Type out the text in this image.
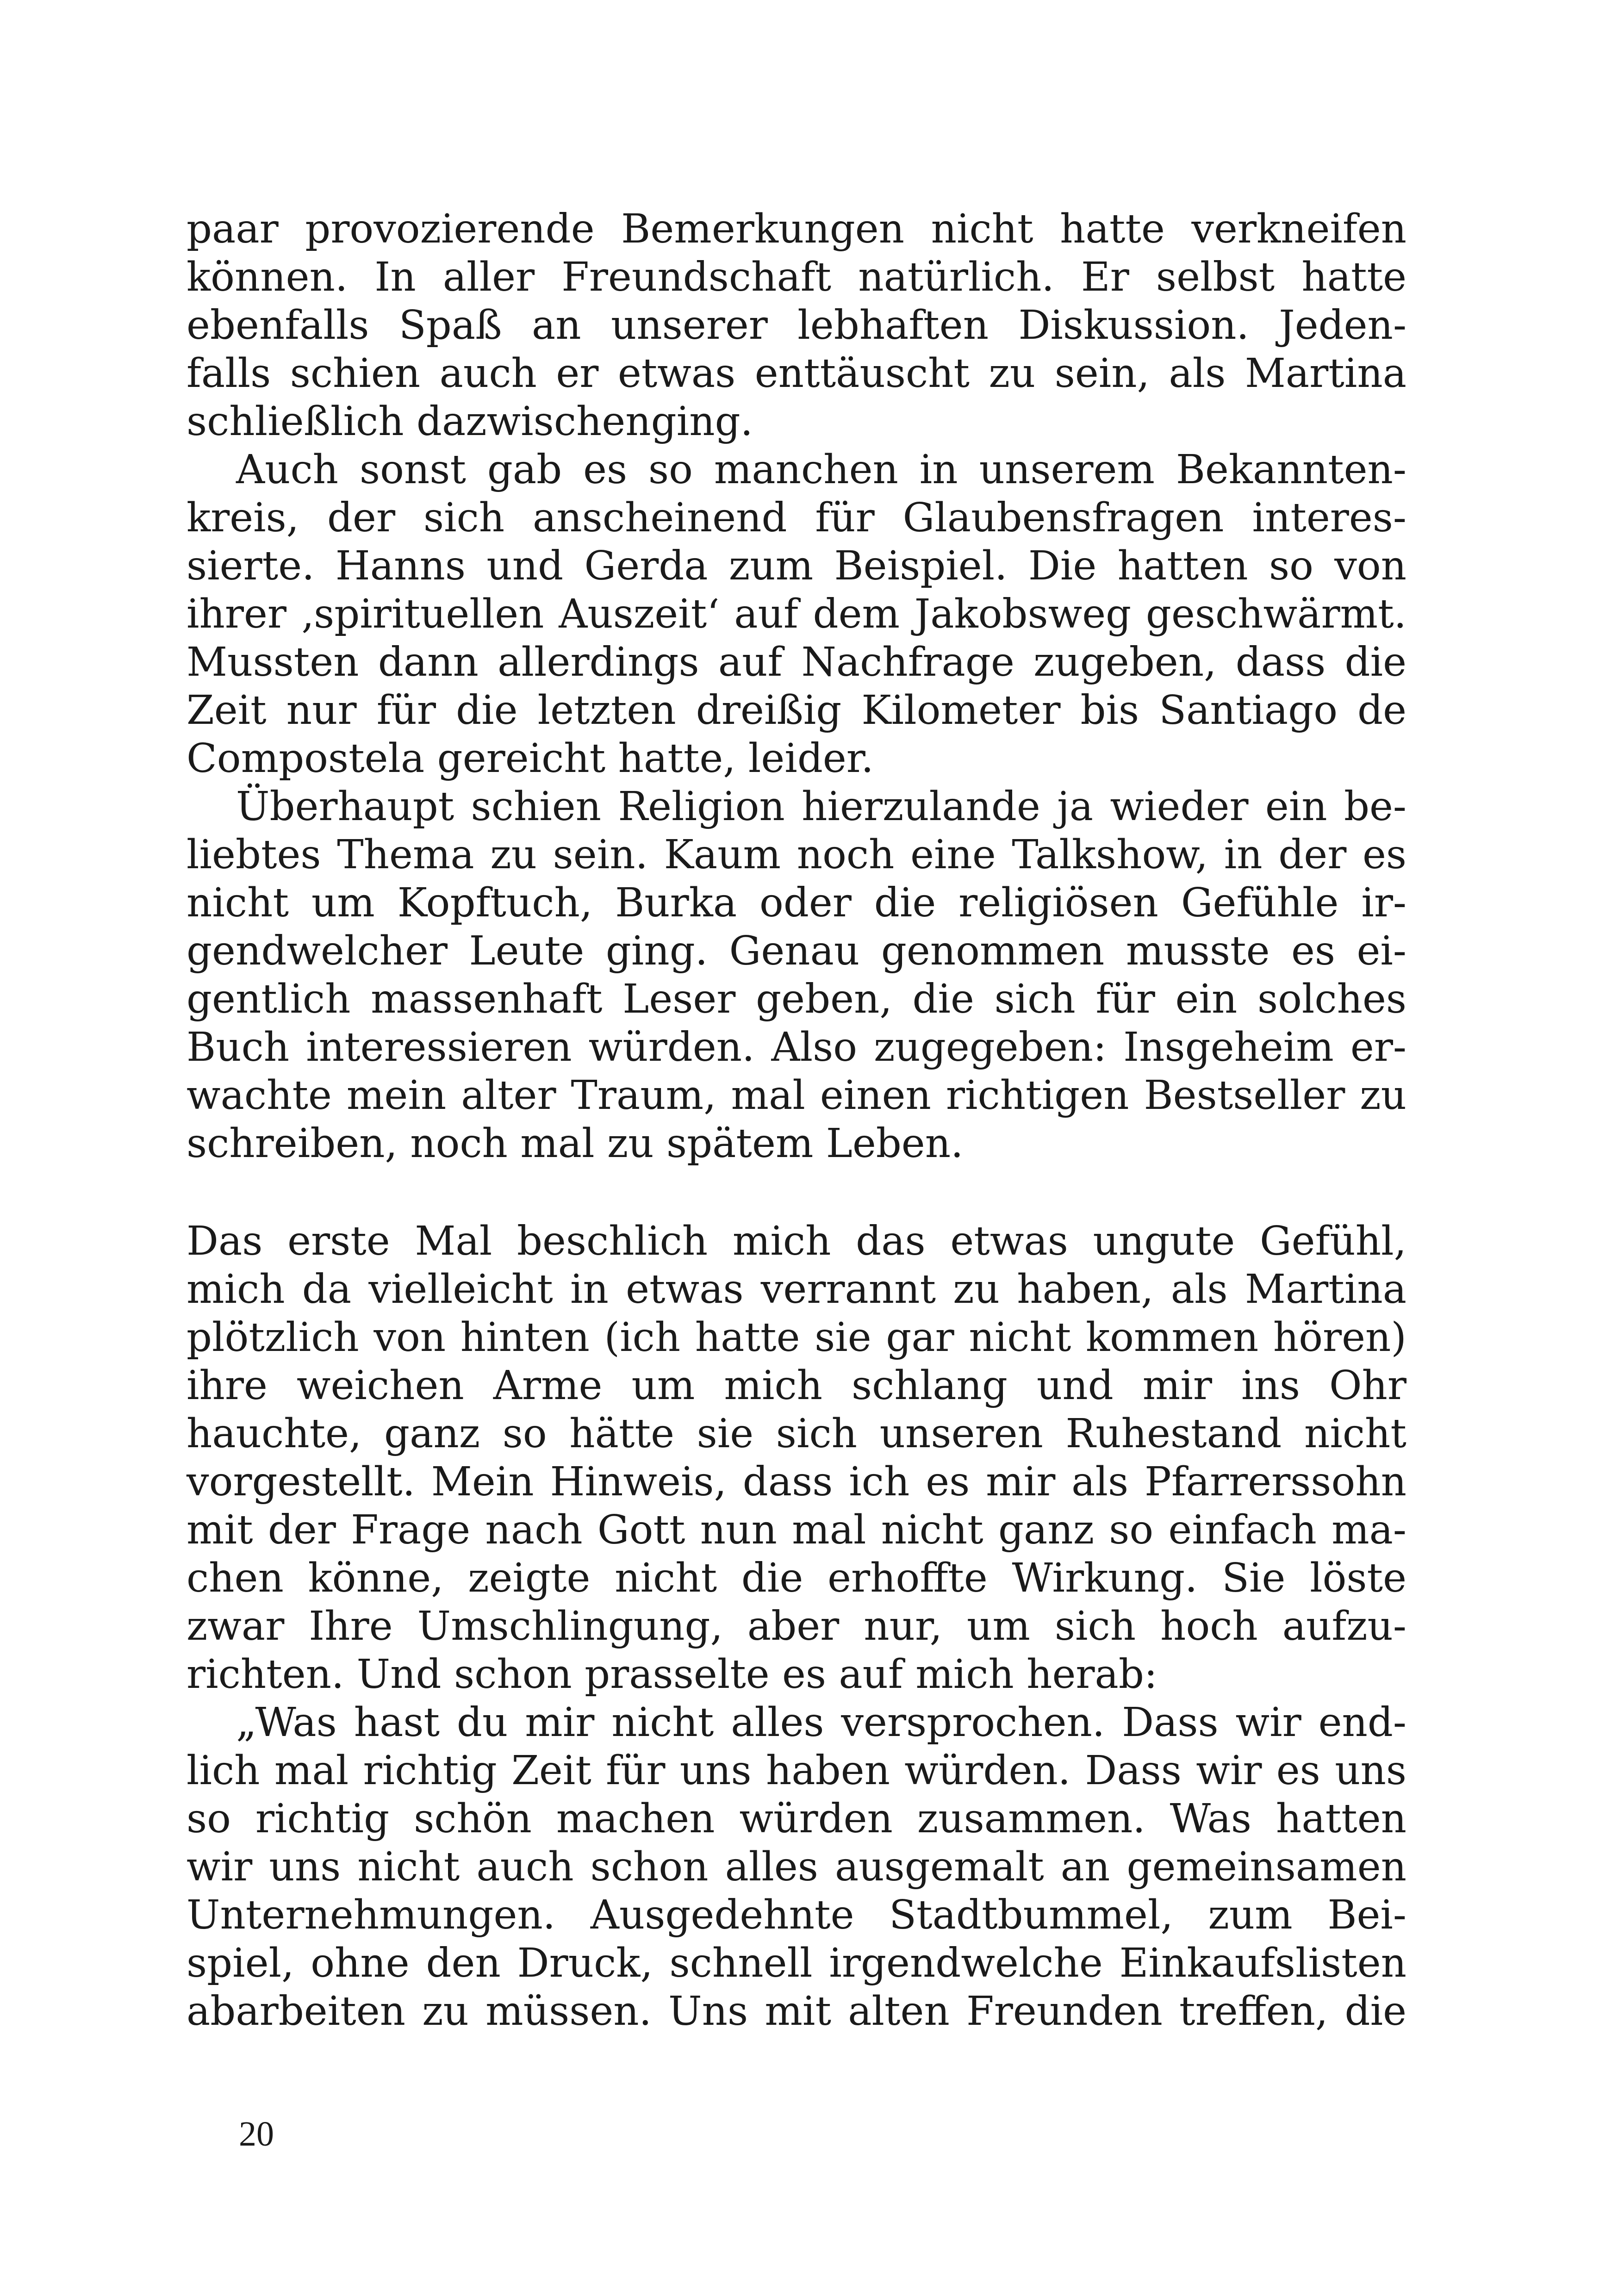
paar provozierende Bemerkungen nicht hatte verkneifen
können. In aller Freundschaft natürlich. Er selbst hatte
ebenfalls Spaß an unserer lebhaften Diskussion. Jeden-
falls schien auch er etwas enttäuscht zu sein, als Martina
schließlich dazwischenging.

Auch sonst gab es so manchen in unserem Bekannten-
kreis, der sich anscheinend für Glaubensfragen interes-
sierte. Hanns und Gerda zum Beispiel. Die hatten so von
ihrer ‚spirituellen Auszeit‘ auf dem Jakobsweg geschwärmt.
Mussten dann allerdings auf Nachfrage zugeben, dass die
Zeit nur für die letzten dreißig Kilometer bis Santiago de
Compostela gereicht hatte, leider.

Überhaupt schien Religion hierzulande ja wieder ein be-
liebtes Thema zu sein. Kaum noch eine Talkshow, in der es
nicht um Kopftuch, Burka oder die religiösen Gefühle ir-
gendwelcher Leute ging. Genau genommen musste es ei-
gentlich massenhaft Leser geben, die sich für ein solches
Buch interessieren würden. Also zugegeben: Insgeheim er-
wachte mein alter Traum, mal einen richtigen Bestseller zu
schreiben, noch mal zu spätem Leben.

Das erste Mal beschlich mich das etwas ungute Gefühl,
mich da vielleicht in etwas verrannt zu haben, als Martina
plötzlich von hinten (ich hatte sie gar nicht kommen hören)
ihre weichen Arme um mich schlang und mir ins Ohr
hauchte, ganz so hätte sie sich unseren Ruhestand nicht
vorgestellt. Mein Hinweis, dass ich es mir als Pfarrerssohn
mit der Frage nach Gott nun mal nicht ganz so einfach ma-
chen könne, zeigte nicht die erhoffte Wirkung. Sie löste
zwar Ihre Umschlingung, aber nur, um sich hoch aufzu-
richten. Und schon prasselte es auf mich herab:

„Was hast du mir nicht alles versprochen. Dass wir end-
lich mal richtig Zeit für uns haben würden. Dass wir es uns
so richtig schön machen würden zusammen. Was hatten
wir uns nicht auch schon alles ausgemalt an gemeinsamen
Unternehmungen. Ausgedehnte Stadtbummel, zum Bei-
spiel, ohne den Druck, schnell irgendwelche Einkaufslisten
abarbeiten zu müssen. Uns mit alten Freunden treffen, die

20
